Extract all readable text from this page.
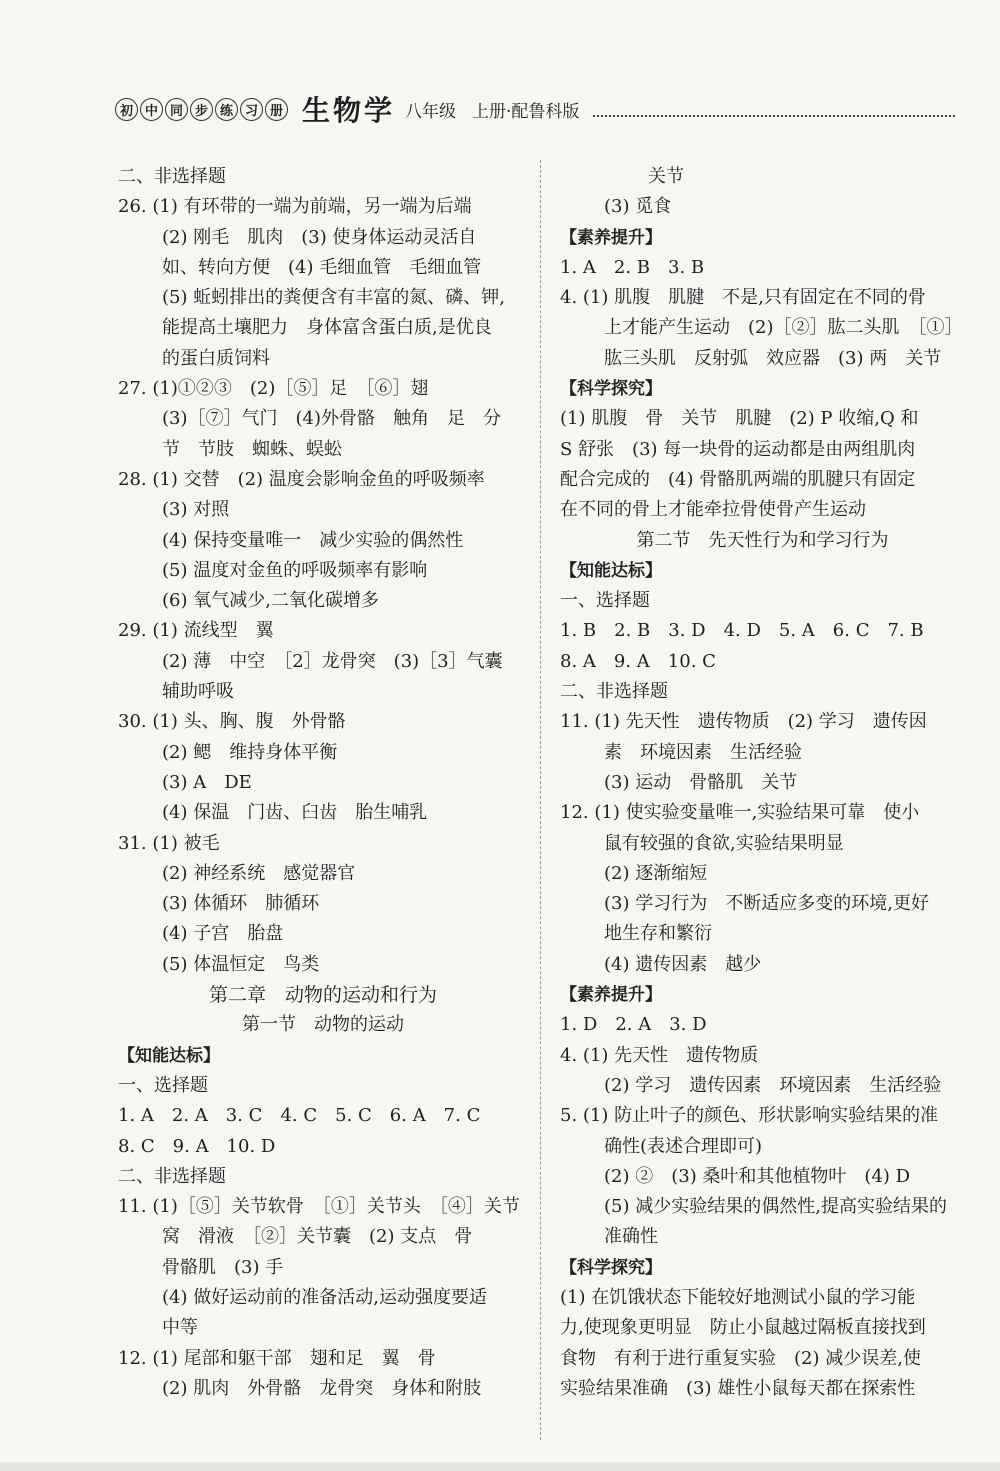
初 中 同 步 练 习 册 生物学 八年级 上册·配鲁科版
二、非选择题
26. (1) 有环带的一端为前端，另一端为后端
(2) 刚毛　肌肉　(3) 使身体运动灵活自
如、转向方便　(4) 毛细血管　毛细血管
(5) 蚯蚓排出的粪便含有丰富的氮、磷、钾,
能提高土壤肥力　身体富含蛋白质,是优良
的蛋白质饲料
27. (1)①②③　(2)［⑤］足　［⑥］翅
(3)［⑦］气门　(4)外骨骼　触角　足　分
节　节肢　蜘蛛、蜈蚣
28. (1) 交替　(2) 温度会影响金鱼的呼吸频率
(3) 对照
(4) 保持变量唯一　减少实验的偶然性
(5) 温度对金鱼的呼吸频率有影响
(6) 氧气减少,二氧化碳增多
29. (1) 流线型　翼
(2) 薄　中空　［2］龙骨突　(3)［3］气囊
辅助呼吸
30. (1) 头、胸、腹　外骨骼
(2) 鳃　维持身体平衡
(3) A　DE
(4) 保温　门齿、臼齿　胎生哺乳
31. (1) 被毛
(2) 神经系统　感觉器官
(3) 体循环　肺循环
(4) 子宫　胎盘
(5) 体温恒定　鸟类
第二章　动物的运动和行为
第一节　动物的运动
【知能达标】
一、选择题
1. A　2. A　3. C　4. C　5. C　6. A　7. C
8. C　9. A　10. D
二、非选择题
11. (1)［⑤］关节软骨　［①］关节头　［④］关节
窝　滑液　［②］关节囊　(2) 支点　骨
骨骼肌　(3) 手
(4) 做好运动前的准备活动,运动强度要适
中等
12. (1) 尾部和躯干部　翅和足　翼　骨
(2) 肌肉　外骨骼　龙骨突　身体和附肢
关节
(3) 觅食
【素养提升】
1. A　2. B　3. B
4. (1) 肌腹　肌腱　不是,只有固定在不同的骨
上才能产生运动　(2)［②］肱二头肌　［①］
肱三头肌　反射弧　效应器　(3) 两　关节
【科学探究】
(1) 肌腹　骨　关节　肌腱　(2) P 收缩,Q 和
S 舒张　(3) 每一块骨的运动都是由两组肌肉
配合完成的　(4) 骨骼肌两端的肌腱只有固定
在不同的骨上才能牵拉骨使骨产生运动
第二节　先天性行为和学习行为
【知能达标】
一、选择题
1. B　2. B　3. D　4. D　5. A　6. C　7. B
8. A　9. A　10. C
二、非选择题
11. (1) 先天性　遗传物质　(2) 学习　遗传因
素　环境因素　生活经验
(3) 运动　骨骼肌　关节
12. (1) 使实验变量唯一,实验结果可靠　使小
鼠有较强的食欲,实验结果明显
(2) 逐渐缩短
(3) 学习行为　不断适应多变的环境,更好
地生存和繁衍
(4) 遗传因素　越少
【素养提升】
1. D　2. A　3. D
4. (1) 先天性　遗传物质
(2) 学习　遗传因素　环境因素　生活经验
5. (1) 防止叶子的颜色、形状影响实验结果的准
确性(表述合理即可)
(2) ②　(3) 桑叶和其他植物叶　(4) D
(5) 减少实验结果的偶然性,提高实验结果的
准确性
【科学探究】
(1) 在饥饿状态下能较好地测试小鼠的学习能
力,使现象更明显　防止小鼠越过隔板直接找到
食物　有利于进行重复实验　(2) 减少误差,使
实验结果准确　(3) 雄性小鼠每天都在探索性
